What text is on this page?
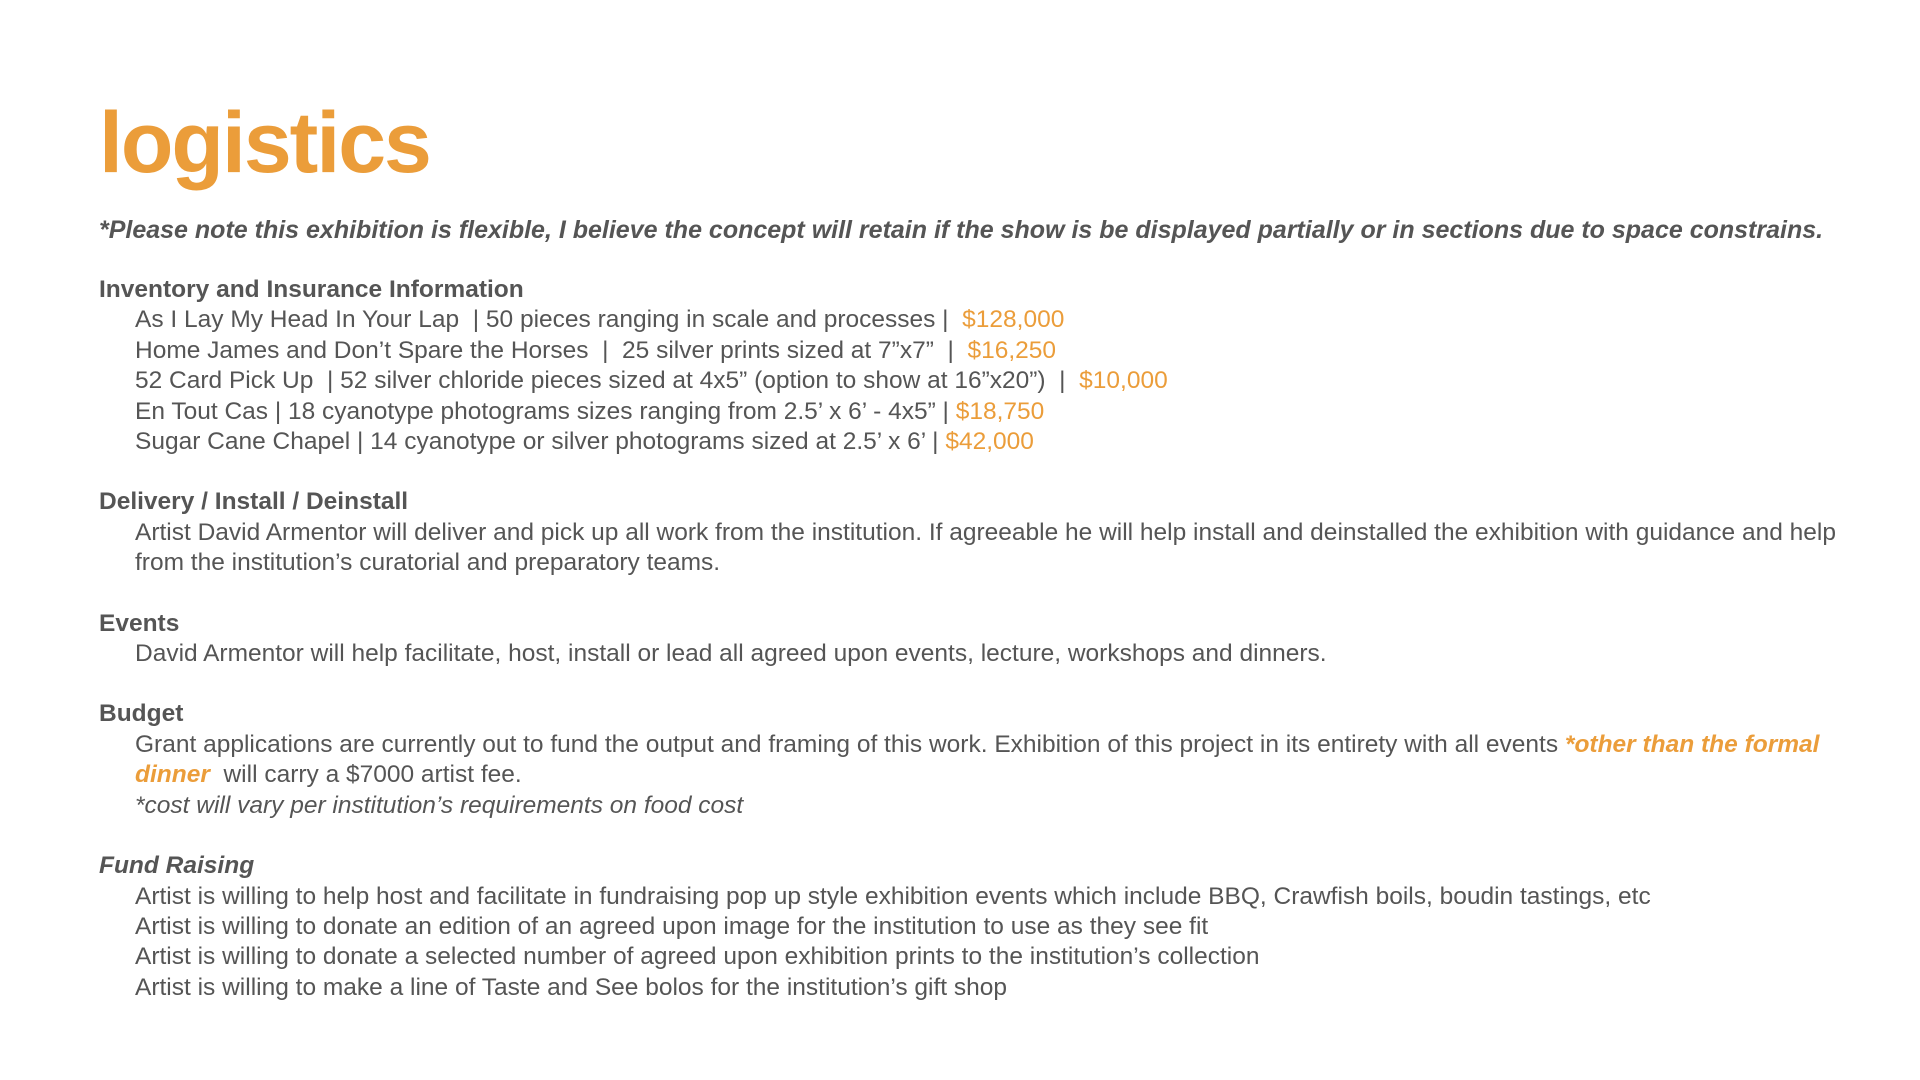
logistics
*Please note this exhibition is flexible, I believe the concept will retain if the show is be displayed partially or in sections due to space constrains.
Inventory and Insurance Information
As I Lay My Head In Your Lap  | 50 pieces ranging in scale and processes |  $128,000
Home James and Don’t Spare the Horses  |  25 silver prints sized at 7”x7”  |  $16,250
52 Card Pick Up  | 52 silver chloride pieces sized at 4x5” (option to show at 16”x20”)  |  $10,000
En Tout Cas | 18 cyanotype photograms sizes ranging from 2.5’ x 6’ - 4x5” | $18,750
Sugar Cane Chapel | 14 cyanotype or silver photograms sized at 2.5’ x 6’ | $42,000
Delivery / Install / Deinstall
Artist David Armentor will deliver and pick up all work from the institution. If agreeable he will help install and deinstalled the exhibition with guidance and help from the institution’s curatorial and preparatory teams.
Events
David Armentor will help facilitate, host, install or lead all agreed upon events, lecture, workshops and dinners.
Budget
Grant applications are currently out to fund the output and framing of this work. Exhibition of this project in its entirety with all events *other than the formal dinner  will carry a $7000 artist fee.
*cost will vary per institution’s requirements on food cost
Fund Raising
Artist is willing to help host and facilitate in fundraising pop up style exhibition events which include BBQ, Crawfish boils, boudin tastings, etc
Artist is willing to donate an edition of an agreed upon image for the institution to use as they see fit
Artist is willing to donate a selected number of agreed upon exhibition prints to the institution’s collection
Artist is willing to make a line of Taste and See bolos for the institution’s gift shop
